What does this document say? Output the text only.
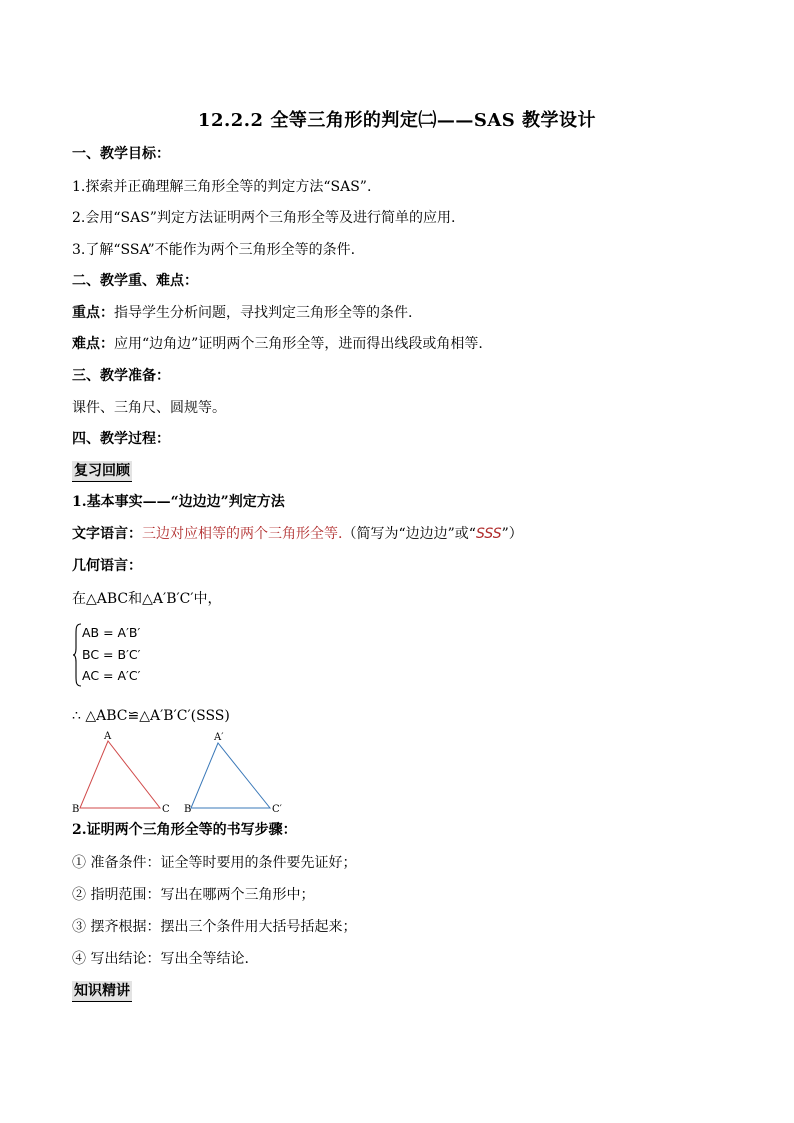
12.2.2 全等三角形的判定㈡——SAS 教学设计
一、教学目标：
1.探索并正确理解三角形全等的判定方法“SAS”.
2.会用“SAS”判定方法证明两个三角形全等及进行简单的应用.
3.了解“SSA”不能作为两个三角形全等的条件.
二、教学重、难点：
重点：指导学生分析问题，寻找判定三角形全等的条件.
难点：应用“边角边”证明两个三角形全等，进而得出线段或角相等.
三、教学准备：
课件、三角尺、圆规等。
四、教学过程：
复习回顾
1.基本事实——“边边边”判定方法
文字语言：三边对应相等的两个三角形全等.（简写为“边边边”或“SSS”）
几何语言：
在△ABC和△A′B′C′中，
AB = A′B′
BC = B′C′
AC = A′C′
∴ △ABC≌△A′B′C′(SSS)
A
B	C
A′
B	C′
2.证明两个三角形全等的书写步骤：
① 准备条件：证全等时要用的条件要先证好；
② 指明范围：写出在哪两个三角形中；
③ 摆齐根据：摆出三个条件用大括号括起来；
④ 写出结论：写出全等结论.
知识精讲
